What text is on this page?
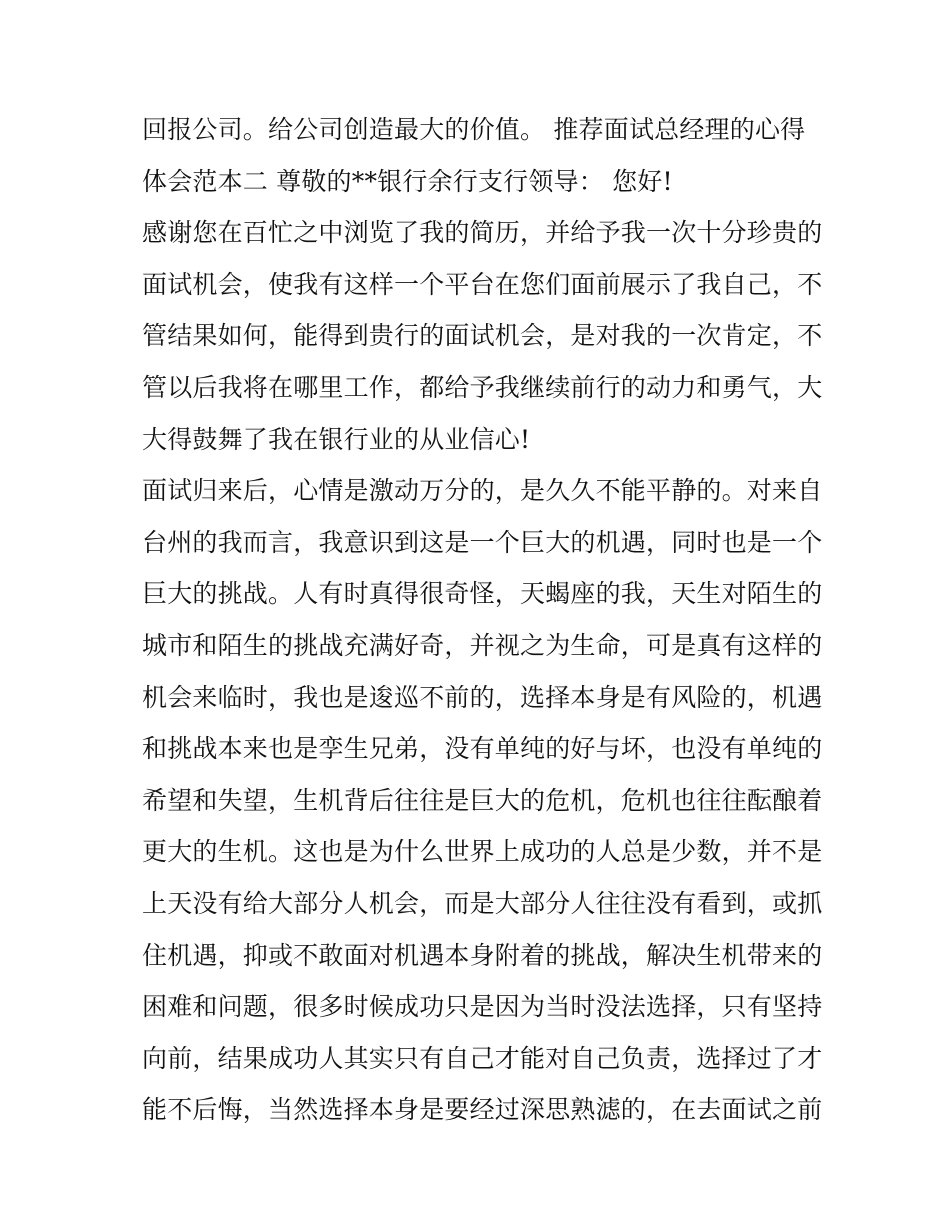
回报公司。给公司创造最大的价值。 推荐面试总经理的心得
体会范本二 尊敬的**银行余行支行领导： 您好!
感谢您在百忙之中浏览了我的简历，并给予我一次十分珍贵的
面试机会，使我有这样一个平台在您们面前展示了我自己，不
管结果如何，能得到贵行的面试机会，是对我的一次肯定，不
管以后我将在哪里工作，都给予我继续前行的动力和勇气，大
大得鼓舞了我在银行业的从业信心!
面试归来后，心情是激动万分的，是久久不能平静的。对来自
台州的我而言，我意识到这是一个巨大的机遇，同时也是一个
巨大的挑战。人有时真得很奇怪，天蝎座的我，天生对陌生的
城市和陌生的挑战充满好奇，并视之为生命，可是真有这样的
机会来临时，我也是逡巡不前的，选择本身是有风险的，机遇
和挑战本来也是孪生兄弟，没有单纯的好与坏，也没有单纯的
希望和失望，生机背后往往是巨大的危机，危机也往往酝酿着
更大的生机。这也是为什么世界上成功的人总是少数，并不是
上天没有给大部分人机会，而是大部分人往往没有看到，或抓
住机遇，抑或不敢面对机遇本身附着的挑战，解决生机带来的
困难和问题，很多时候成功只是因为当时没法选择，只有坚持
向前，结果成功人其实只有自己才能对自己负责，选择过了才
能不后悔，当然选择本身是要经过深思熟滤的，在去面试之前
